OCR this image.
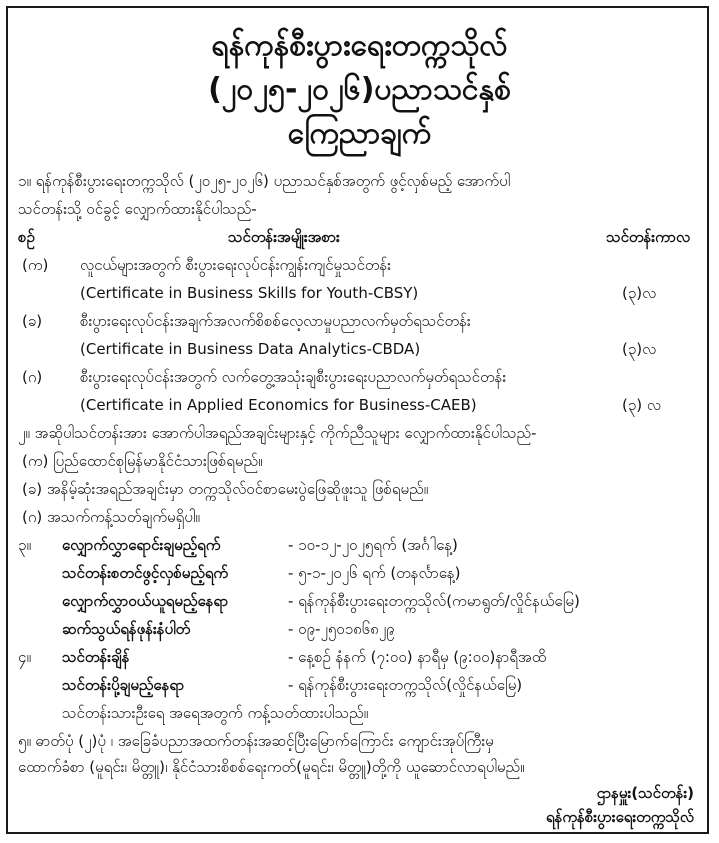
ရန်ကုန်စီးပွားရေးတက္ကသိုလ်
(၂၀၂၅-၂၀၂၆)ပညာသင်နှစ်
ကြေညာချက်
၁။ ရန်ကုန်စီးပွားရေးတက္ကသိုလ် (၂၀၂၅-၂၀၂၆) ပညာသင်နှစ်အတွက် ဖွင့်လှစ်မည့် အောက်ပါ
သင်တန်းသို့ ဝင်ခွင့် လျှောက်ထားနိုင်ပါသည်-
စဉ်	သင်တန်းအမျိုးအစား	သင်တန်းကာလ
(က) လူငယ်များအတွက် စီးပွားရေးလုပ်ငန်းကျွန်းကျင်မှုသင်တန်း
(Certificate in Business Skills for Youth-CBSY)	(၃)လ
(ခ)	စီးပွားရေးလုပ်ငန်းအချက်အလက်စိစစ်လေ့လာမှုပညာလက်မှတ်ရသင်တန်း
(Certificate in Business Data Analytics-CBDA)	(၃)လ
(ဂ)	စီးပွားရေးလုပ်ငန်းအတွက် လက်တွေ့အသုံးချစီးပွားရေးပညာလက်မှတ်ရသင်တန်း
(Certificate in Applied Economics for Business-CAEB)	(၃) လ
၂။ အဆိုပါသင်တန်းအား အောက်ပါအရည်အချင်းများနှင့် ကိုက်ညီသူများ လျှောက်ထားနိုင်ပါသည်-
(က) ပြည်ထောင်စုမြန်မာနိုင်ငံသားဖြစ်ရမည်။
(ခ) အနိမ့်ဆုံးအရည်အချင်းမှာ တက္ကသိုလ်ဝင်စာမေးပွဲဖြေဆိုဖူးသူ ဖြစ်ရမည်။
(ဂ) အသက်ကန့်သတ်ချက်မရှိပါ။
၃။ လျှောက်လွှာရောင်းချမည့်ရက်	- ၁၀-၁၂-၂၀၂၅ရက် (အင်္ဂါနေ့)
သင်တန်းစတင်ဖွင့်လှစ်မည့်ရက်	- ၅-၁-၂၀၂၆ ရက် (တနင်္လာနေ့)
လျှောက်လွှာဝယ်ယူရမည့်နေရာ	- ရန်ကုန်စီးပွားရေးတက္ကသိုလ်(ကမာရွတ်/လှိုင်နယ်မြေ)
ဆက်သွယ်ရန်ဖုန်းနံပါတ်	- ၀၉-၂၅၀၁၈၆၈၂၉
၄။ သင်တန်းချိန်	- နေ့စဉ် နံနက် (၇:၀၀) နာရီမှ (၉:၀၀)နာရီအထိ
သင်တန်းပို့ချမည့်နေရာ	- ရန်ကုန်စီးပွားရေးတက္ကသိုလ်(လှိုင်နယ်မြေ)
သင်တန်းသားဦးရေ အရေအတွက် ကန့်သတ်ထားပါသည်။
၅။ ဓာတ်ပုံ (၂)ပုံ ၊ အခြေခံပညာအထက်တန်းအဆင့်ပြီးမြောက်ကြောင်း ကျောင်းအုပ်ကြီးမှ
ထောက်ခံစာ (မူရင်း၊ မိတ္တူ)၊ နိုင်ငံသားစိစစ်ရေးကတ်(မူရင်း၊ မိတ္တူ)တို့ကို ယူဆောင်လာရပါမည်။
ဌာနမှူး(သင်တန်း)
ရန်ကုန်စီးပွားရေးတက္ကသိုလ်
